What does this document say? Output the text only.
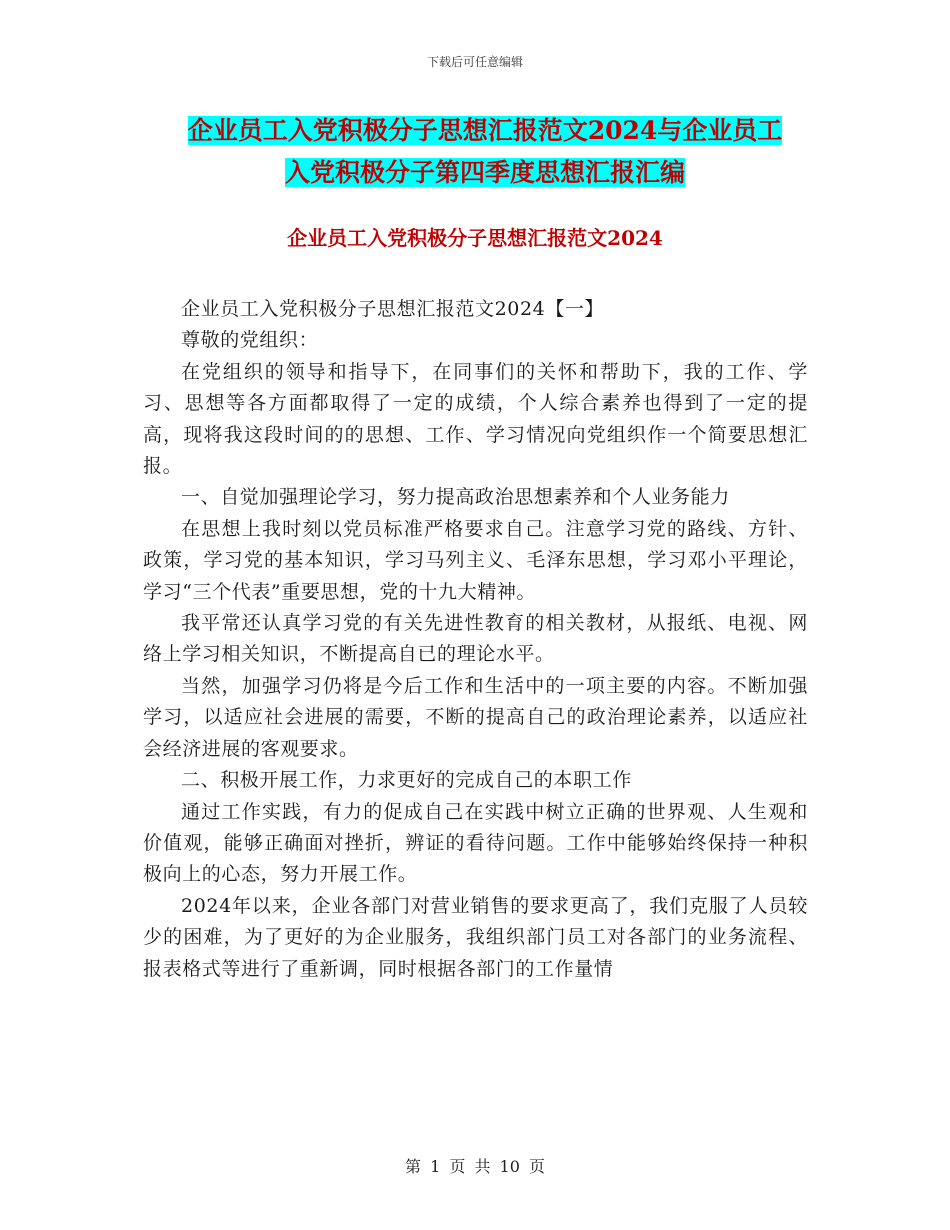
下载后可任意编辑
企业员工入党积极分子思想汇报范文2024与企业员工
入党积极分子第四季度思想汇报汇编
企业员工入党积极分子思想汇报范文2024

企业员工入党积极分子思想汇报范文2024【一】

尊敬的党组织：

在党组织的领导和指导下，在同事们的关怀和帮助下，我的工作、学习、思想等各方面都取得了一定的成绩，个人综合素养也得到了一定的提高，现将我这段时间的的思想、工作、学习情况向党组织作一个简要思想汇报。

一、自觉加强理论学习，努力提高政治思想素养和个人业务能力

在思想上我时刻以党员标准严格要求自己。注意学习党的路线、方针、政策，学习党的基本知识，学习马列主义、毛泽东思想，学习邓小平理论，学习“三个代表”重要思想，党的十九大精神。

我平常还认真学习党的有关先进性教育的相关教材，从报纸、电视、网络上学习相关知识，不断提高自已的理论水平。

当然，加强学习仍将是今后工作和生活中的一项主要的内容。不断加强学习，以适应社会进展的需要，不断的提高自己的政治理论素养，以适应社会经济进展的客观要求。

二、积极开展工作，力求更好的完成自己的本职工作

通过工作实践，有力的促成自己在实践中树立正确的世界观、人生观和价值观，能够正确面对挫折，辨证的看待问题。工作中能够始终保持一种积极向上的心态，努力开展工作。

2024年以来，企业各部门对营业销售的要求更高了，我们克服了人员较少的困难，为了更好的为企业服务，我组织部门员工对各部门的业务流程、报表格式等进行了重新调，同时根据各部门的工作量情

第 1 页 共 10 页
